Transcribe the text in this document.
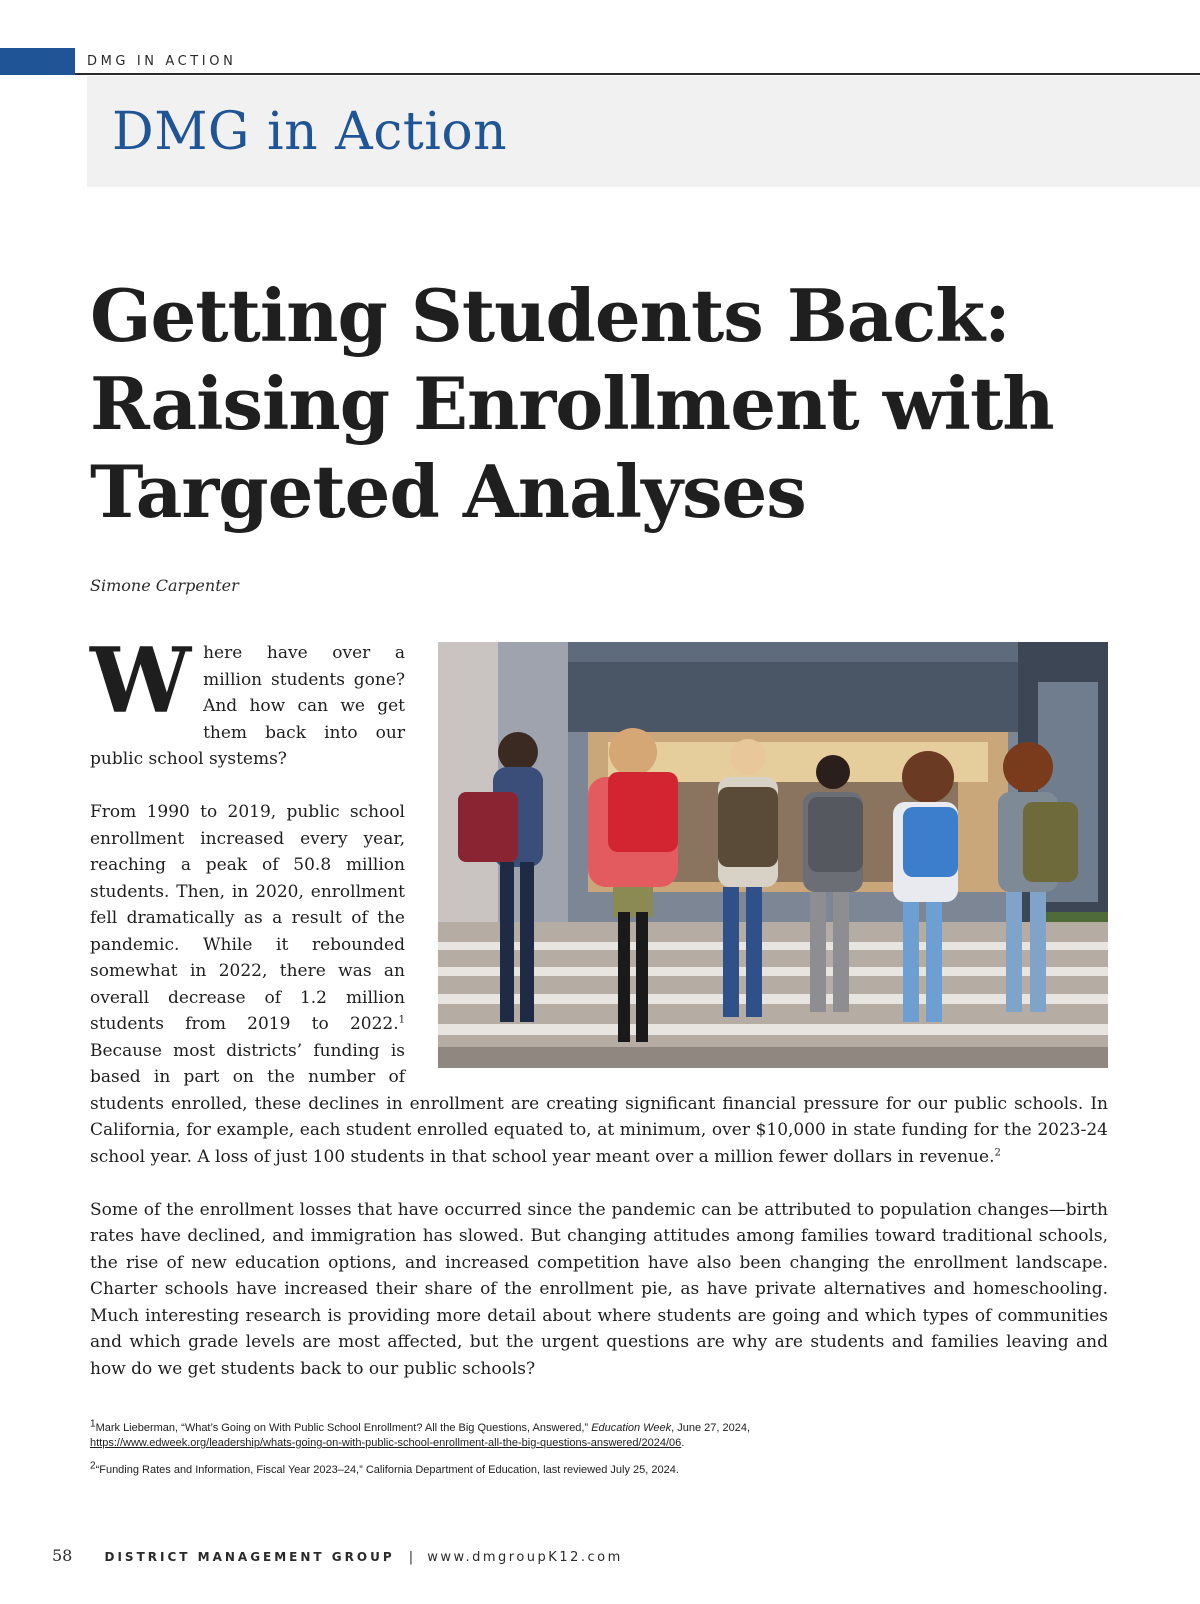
DMG IN ACTION
DMG in Action
Getting Students Back:
Raising Enrollment with
Targeted Analyses
Simone Carpenter

Where have over a million students gone? And how can we get them back into our public school systems?

From 1990 to 2019, public school enrollment increased every year, reaching a peak of 50.8 million students. Then, in 2020, enrollment fell dramatically as a result of the pandemic. While it rebounded somewhat in 2022, there was an overall decrease of 1.2 million students from 2019 to 2022.$^1$ Because most districts’ funding is based in part on the number of students enrolled, these declines in enrollment are creating significant financial pressure for our public schools. In California, for example, each student enrolled equated to, at minimum, over $10,000 in state funding for the 2023-24 school year. A loss of just 100 students in that school year meant over a million fewer dollars in revenue.$^2$

Some of the enrollment losses that have occurred since the pandemic can be attributed to population changes—birth rates have declined, and immigration has slowed. But changing attitudes among families toward traditional schools, the rise of new education options, and increased competition have also been changing the enrollment landscape. Charter schools have increased their share of the enrollment pie, as have private alternatives and homeschooling. Much interesting research is providing more detail about where students are going and which types of communities and which grade levels are most affected, but the urgent questions are why are students and families leaving and how do we get students back to our public schools?

$^1$Mark Lieberman, “What’s Going on With Public School Enrollment? All the Big Questions, Answered,” Education Week, June 27, 2024,
https://www.edweek.org/leadership/whats-going-on-with-public-school-enrollment-all-the-big-questions-answered/2024/06.
$^2$“Funding Rates and Information, Fiscal Year 2023–24,” California Department of Education, last reviewed July 25, 2024.
58	DISTRICT MANAGEMENT GROUP | www.dmgroupK12.com
